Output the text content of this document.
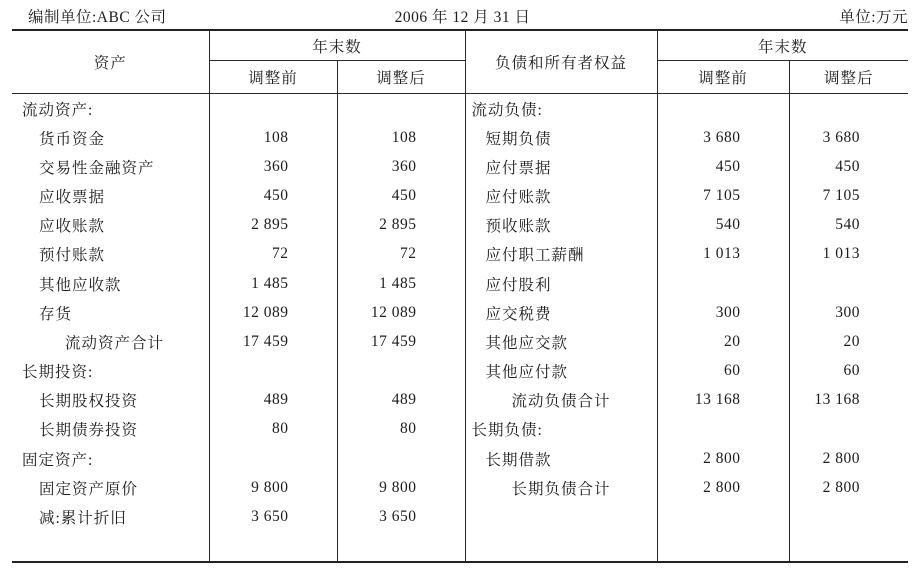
编制单位:ABC 公司	2006 年 12 月 31 日	单位:万元
资产	年末数		负债和所有者权益	年末数	
	调整前	调整后		调整前	调整后
流动资产:			流动负债:		
货币资金	108	108	短期负债	3 680	3 680
交易性金融资产	360	360	应付票据	450	450
应收票据	450	450	应付账款	7 105	7 105
应收账款	2 895	2 895	预收账款	540	540
预付账款	72	72	应付职工薪酬	1 013	1 013
其他应收款	1 485	1 485	应付股利		
存货	12 089	12 089	应交税费	300	300
流动资产合计	17 459	17 459	其他应交款	20	20
长期投资:			其他应付款	60	60
长期股权投资	489	489	流动负债合计	13 168	13 168
长期债券投资	80	80	长期负债:		
固定资产:			长期借款	2 800	2 800
固定资产原价	9 800	9 800	长期负债合计	2 800	2 800
减:累计折旧	3 650	3 650			
